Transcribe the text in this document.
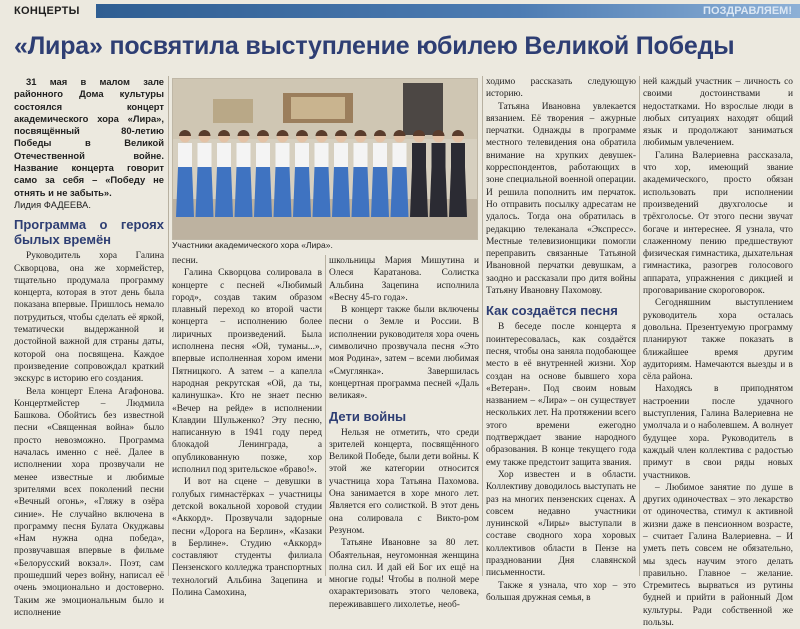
КОНЦЕРТЫ	ПОЗДРАВЛЯЕМ!
«Лира» посвятила выступление юбилею Великой Победы
31 мая в малом зале районного Дома культуры состоялся концерт академического хора «Лира», посвящённый 80-летию Победы в Великой Отечественной войне. Название концерта говорит само за себя – «Победу не отнять и не забыть».

Лидия ФАДЕЕВА.

Программа о героях былых времён

Руководитель хора Галина Скворцова, она же хормейстер, тщательно продумала программу концерта, которая в этот день была показана впервые. Пришлось немало потрудиться, чтобы сделать её яркой, тематически выдержанной и достойной важной для страны даты, которой она посвящена. Каждое произведение сопровождал краткий экскурс в историю его создания.

Вела концерт Елена Агафонова. Концертмейстер – Людмила Башкова. Обойтись без известной песни «Священная война» было просто невозможно. Программа началась именно с неё. Далее в исполнении хора прозвучали не менее известные и любимые зрителями всех поколений песни «Вечный огонь», «Гляжу в озёра синие». Не случайно включена в программу песня Булата Окуджавы «Нам нужна одна победа», прозвучавшая впервые в фильме «Белорусский вокзал». Поэт, сам прошедший через войну, написал её очень эмоционально и достоверно. Таким же эмоциональным было и исполнение

Участники академического хора «Лира».

песни.

Галина Скворцова солировала в концерте с песней «Любимый город», создав таким образом плавный переход ко второй части концерта – исполнению более лиричных произведений. Была исполнена песня «Ой, туманы...», впервые исполненная хором имени Пятницкого. А затем – а капелла народная рекрутская «Ой, да ты, калинушка». Кто не знает песню «Вечер на рейде» в исполнении Клавдии Шульженко? Эту песню, написанную в 1941 году перед блокадой Ленинграда, а опубликованную позже, хор исполнил под зрительское «браво!».

И вот на сцене – девушки в голубых гимнастёрках – участницы детской вокальной хоровой студии «Аккорд». Прозвучали задорные песни «Дорога на Берлин», «Казаки в Берлине». Студию «Аккорд» составляют студенты филиала Пензенского колледжа транспортных технологий Альбина Зацепина и Полина Самохина,

школьницы Мария Мишутина и Олеся Каратанова. Солистка Альбина Зацепина исполнила «Весну 45-го года».

В концерт также были включены песни о Земле и России. В исполнении руководителя хора очень символично прозвучала песня «Это моя Родина», затем – всеми любимая «Смуглянка». Завершилась концертная программа песней «Даль великая».

Дети войны

Нельзя не отметить, что среди зрителей концерта, посвящённого Великой Победе, были дети войны. К этой же категории относится участница хора Татьяна Пахомова. Она занимается в хоре много лет. Является его солисткой. В этот день она солировала с Викто-ром Резуном.

Татьяне Ивановне за 80 лет. Обаятельная, неугомонная женщина полна сил. И дай ей Бог их ещё на многие годы! Чтобы в полной мере охарактеризовать этого человека, переживавшего лихолетье, необ-

ходимо рассказать следующую историю.

Татьяна Ивановна увлекается вязанием. Её творения – ажурные перчатки. Однажды в программе местного телевидения она обратила внимание на хрупких девушек-корреспондентов, работающих в зоне специальной военной операции. И решила пополнить им перчаток. Но отправить посылку адресатам не удалось. Тогда она обратилась в редакцию телеканала «Экспресс». Местные телевизионщики помогли переправить связанные Татьяной Ивановной перчатки девушкам, а заодно и рассказали про дитя войны Татьяну Ивановну Пахомову.

Как создаётся песня

В беседе после концерта я поинтересовалась, как создаётся песня, чтобы она заняла подобающее место в её внутренней жизни. Хор создан на основе бывшего хора «Ветеран». Под своим новым названием – «Лира» – он существует нескольких лет. На протяжении всего этого времени ежегодно подтверждает звание народного образования. В конце текущего года ему также предстоит защита звания.

Хор известен и в области. Коллективу доводилось выступать не раз на многих пензенских сценах. А совсем недавно участники лунинской «Лиры» выступали в составе сводного хора хоровых коллективов области в Пензе на праздновании Дня славянской письменности.

Также я узнала, что хор – это большая дружная семья, в

ней каждый участник – личность со своими достоинствами и недостатками. Но взрослые люди в любых ситуациях находят общий язык и продолжают заниматься любимым увлечением.

Галина Валериевна рассказала, что хор, имеющий звание академического, просто обязан использовать при исполнении произведений двухголосье и трёхголосье. От этого песни звучат богаче и интереснее. Я узнала, что слаженному пению предшествуют физическая гимнастика, дыхательная гимнастика, разогрев голосового аппарата, упражнения с дикцией и проговаривание скороговорок.

Сегодняшним выступлением руководитель хора осталась довольна. Презентуемую программу планируют также показать в ближайшее время другим аудиториям. Намечаются выезды и в сёла района.

Находясь в приподнятом настроении после удачного выступления, Галина Валериевна не умолчала и о наболевшем. А волнует будущее хора. Руководитель в каждый член коллектива с радостью примут в свои ряды новых участников.

– Любимое занятие по душе в других одиночествах – это лекарство от одиночества, стимул к активной жизни даже в пенсионном возрасте, – считает Галина Валериевна. – И уметь петь совсем не обязательно, мы здесь научим этого делать правильно. Главное – желание. Стремитесь вырваться из рутины будней и прийти в районный Дом культуры. Ради собственной же пользы.
